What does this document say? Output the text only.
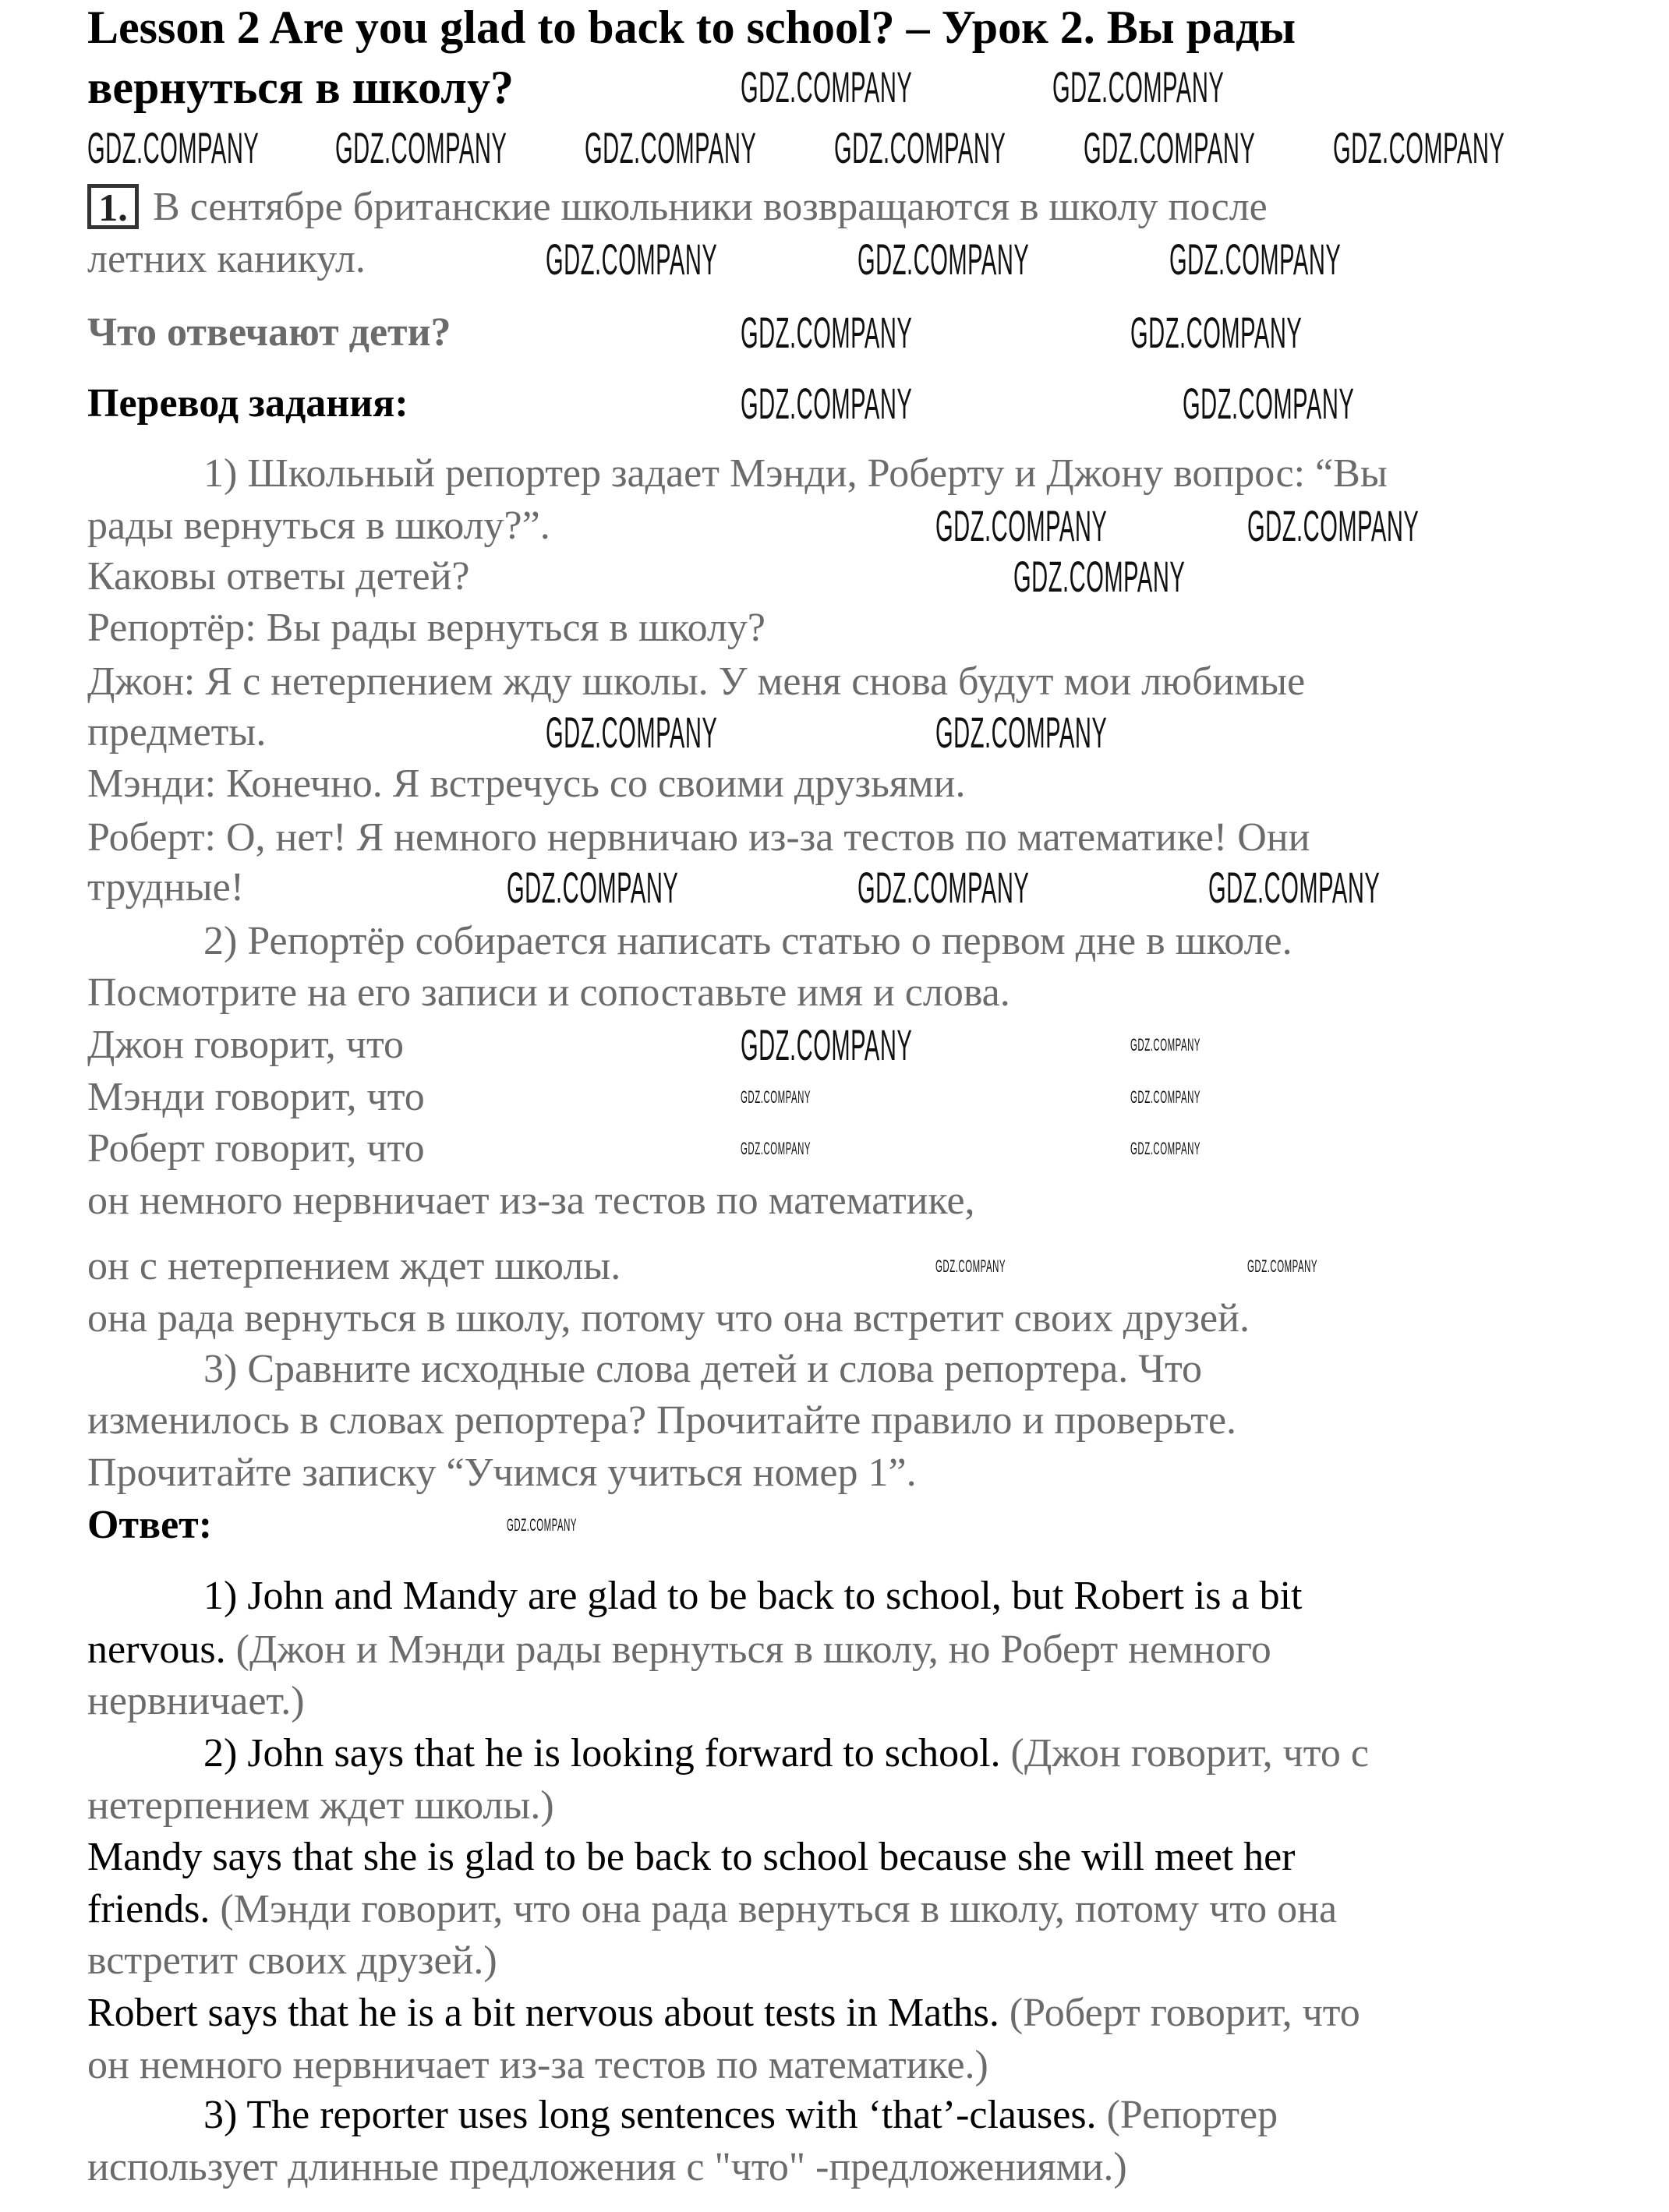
Lesson 2 Are you glad to back to school? – Урок 2. Вы рады
вернуться в школу?
1. В сентябре британские школьники возвращаются в школу после
летних каникул.
Что отвечают дети?
Перевод задания:
1) Школьный репортер задает Мэнди, Роберту и Джону вопрос: “Вы
рады вернуться в школу?”.
Каковы ответы детей?
Репортёр: Вы рады вернуться в школу?
Джон: Я с нетерпением жду школы. У меня снова будут мои любимые
предметы.
Мэнди: Конечно. Я встречусь со своими друзьями.
Роберт: О, нет! Я немного нервничаю из-за тестов по математике! Они
трудные!
2) Репортёр собирается написать статью о первом дне в школе.
Посмотрите на его записи и сопоставьте имя и слова.
Джон говорит, что
Мэнди говорит, что
Роберт говорит, что
он немного нервничает из-за тестов по математике,
он с нетерпением ждет школы.
она рада вернуться в школу, потому что она встретит своих друзей.
3) Сравните исходные слова детей и слова репортера. Что
изменилось в словах репортера? Прочитайте правило и проверьте.
Прочитайте записку “Учимся учиться номер 1”.
Ответ:
1) John and Mandy are glad to be back to school, but Robert is a bit
nervous. (Джон и Мэнди рады вернуться в школу, но Роберт немного
нервничает.)
2) John says that he is looking forward to school. (Джон говорит, что с
нетерпением ждет школы.)
Mandy says that she is glad to be back to school because she will meet her
friends. (Мэнди говорит, что она рада вернуться в школу, потому что она
встретит своих друзей.)
Robert says that he is a bit nervous about tests in Maths. (Роберт говорит, что
он немного нервничает из-за тестов по математике.)
3) The reporter uses long sentences with ‘that’-clauses. (Репортер
использует длинные предложения с "что" -предложениями.)
GDZ.COMPANY GDZ.COMPANY GDZ.COMPANY GDZ.COMPANY GDZ.COMPANY GDZ.COMPANY
GDZ.COMPANY	GDZ.COMPANY
GDZ.COMPANY	GDZ.COMPANY	GDZ.COMPANY
GDZ.COMPANY	GDZ.COMPANY
GDZ.COMPANY	GDZ.COMPANY
GDZ.COMPANY	GDZ.COMPANY
GDZ.COMPANY
GDZ.COMPANY	GDZ.COMPANY
GDZ.COMPANY	GDZ.COMPANY	GDZ.COMPANY
GDZ.COMPANY	GDZ.COMPANY
GDZ.COMPANY	GDZ.COMPANY
GDZ.COMPANY	GDZ.COMPANY
GDZ.COMPANY	GDZ.COMPANY
GDZ.COMPANY
